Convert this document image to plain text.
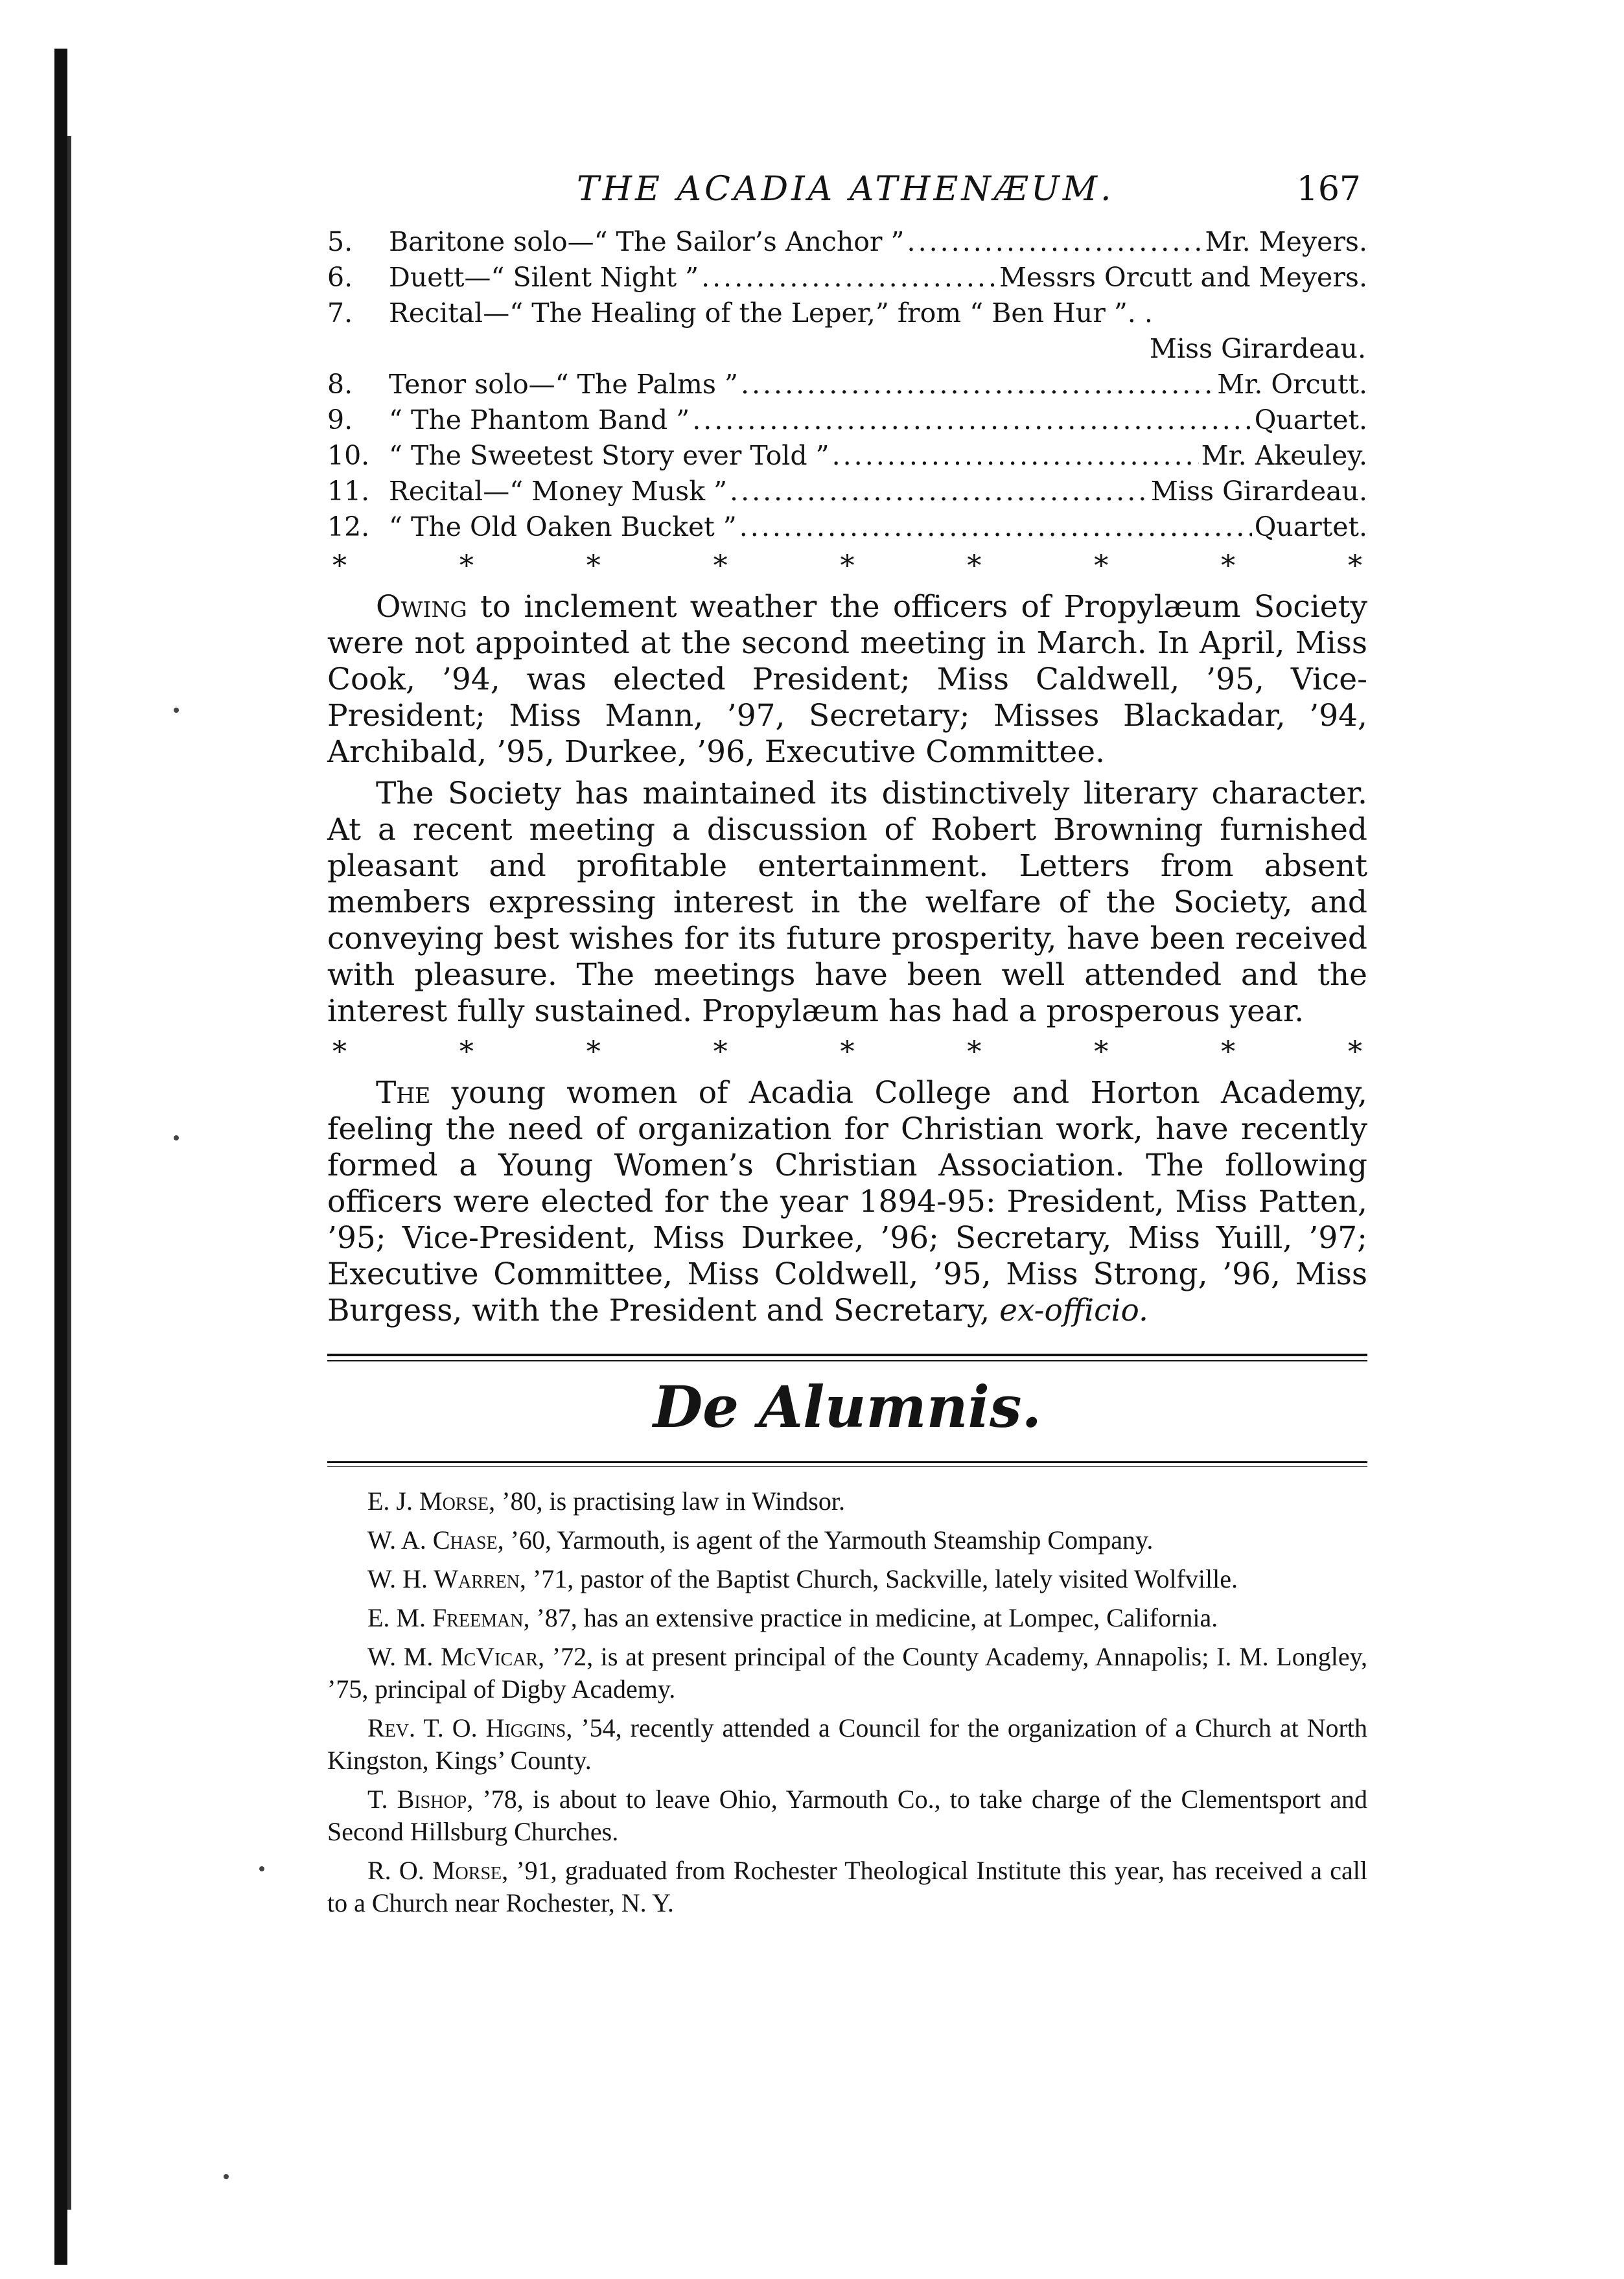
THE ACADIA ATHENÆUM.	167
5.	Baritone solo—“ The Sailor’s Anchor ” .....	Mr. Meyers.
6.	Duett—“ Silent Night ” .....	Messrs Orcutt and Meyers.
7.	Recital—“ The Healing of the Leper,” from “ Ben Hur ”. .
Miss Girardeau.
8.	Tenor solo—“ The Palms ” .....	Mr. Orcutt.
9.	“ The Phantom Band ” .....	Quartet.
10. “ The Sweetest Story ever Told ” .....	Mr. Akeuley.
11. Recital—“ Money Musk ” .....	Miss Girardeau.
12. “ The Old Oaken Bucket ” .....	Quartet.
*	*	*	*	*	*	*	*	*
Owing to inclement weather the officers of Propylæum Society were not appointed at the second meeting in March. In April, Miss Cook, ’94, was elected President; Miss Caldwell, ’95, Vice-President; Miss Mann, ’97, Secretary; Misses Blackadar, ’94, Archibald, ’95, Durkee, ’96, Executive Committee.
The Society has maintained its distinctively literary character. At a recent meeting a discussion of Robert Browning furnished pleasant and profitable entertainment. Letters from absent members expressing interest in the welfare of the Society, and conveying best wishes for its future prosperity, have been received with pleasure. The meetings have been well attended and the interest fully sustained. Propylæum has had a prosperous year.
*	*	*	*	*	*	*	*	*
The young women of Acadia College and Horton Academy, feeling the need of organization for Christian work, have recently formed a Young Women’s Christian Association. The following officers were elected for the year 1894-95: President, Miss Patten, ’95; Vice-President, Miss Durkee, ’96; Secretary, Miss Yuill, ’97; Executive Committee, Miss Coldwell, ’95, Miss Strong, ’96, Miss Burgess, with the President and Secretary, ex-officio.
De Alumnis.

E. J. Morse, ’80, is practising law in Windsor.

W. A. Chase, ’60, Yarmouth, is agent of the Yarmouth Steamship Company.

W. H. Warren, ’71, pastor of the Baptist Church, Sackville, lately visited Wolfville.

E. M. Freeman, ’87, has an extensive practice in medicine, at Lompec, California.

W. M. McVicar, ’72, is at present principal of the County Academy, Annapolis; I. M. Longley, ’75, principal of Digby Academy.

Rev. T. O. Higgins, ’54, recently attended a Council for the organization of a Church at North Kingston, Kings’ County.

T. Bishop, ’78, is about to leave Ohio, Yarmouth Co., to take charge of the Clementsport and Second Hillsburg Churches.

R. O. Morse, ’91, graduated from Rochester Theological Institute this year, has received a call to a Church near Rochester, N. Y.
